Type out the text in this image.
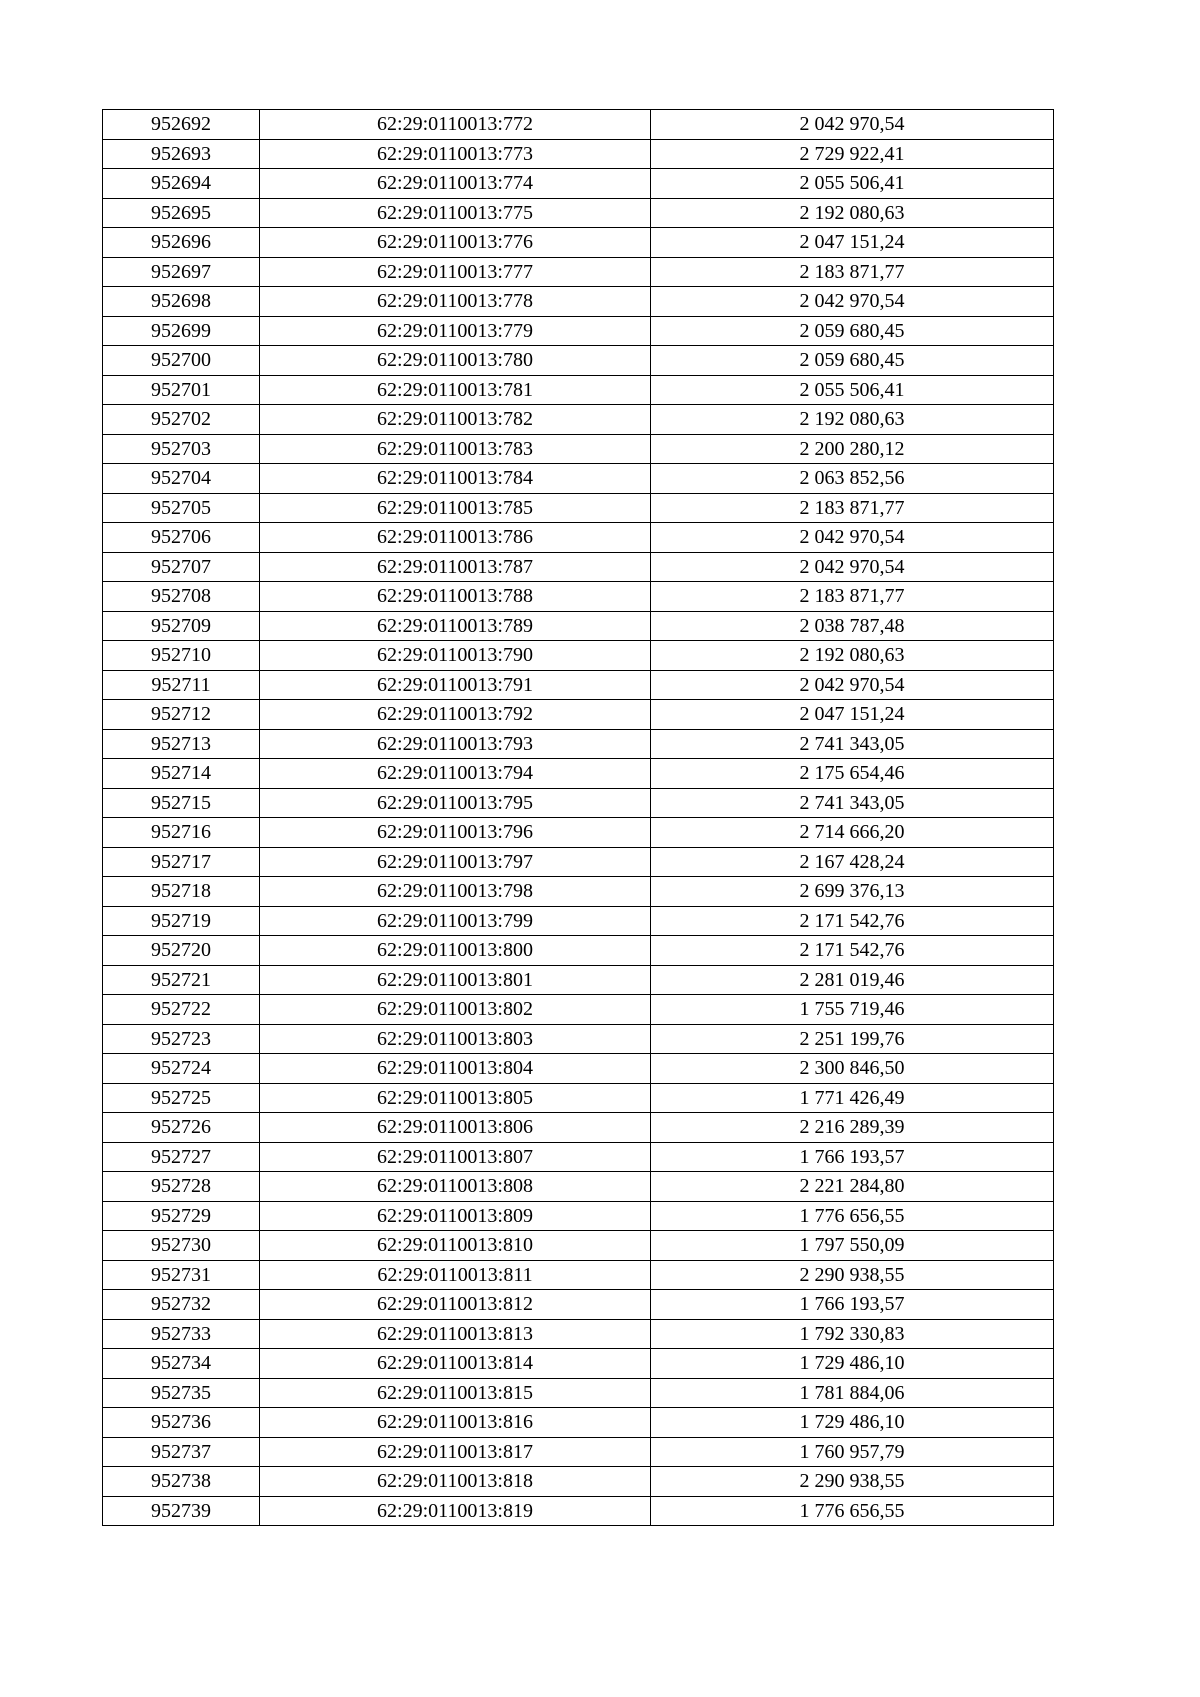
952692	62:29:0110013:772	2 042 970,54
952693	62:29:0110013:773	2 729 922,41
952694	62:29:0110013:774	2 055 506,41
952695	62:29:0110013:775	2 192 080,63
952696	62:29:0110013:776	2 047 151,24
952697	62:29:0110013:777	2 183 871,77
952698	62:29:0110013:778	2 042 970,54
952699	62:29:0110013:779	2 059 680,45
952700	62:29:0110013:780	2 059 680,45
952701	62:29:0110013:781	2 055 506,41
952702	62:29:0110013:782	2 192 080,63
952703	62:29:0110013:783	2 200 280,12
952704	62:29:0110013:784	2 063 852,56
952705	62:29:0110013:785	2 183 871,77
952706	62:29:0110013:786	2 042 970,54
952707	62:29:0110013:787	2 042 970,54
952708	62:29:0110013:788	2 183 871,77
952709	62:29:0110013:789	2 038 787,48
952710	62:29:0110013:790	2 192 080,63
952711	62:29:0110013:791	2 042 970,54
952712	62:29:0110013:792	2 047 151,24
952713	62:29:0110013:793	2 741 343,05
952714	62:29:0110013:794	2 175 654,46
952715	62:29:0110013:795	2 741 343,05
952716	62:29:0110013:796	2 714 666,20
952717	62:29:0110013:797	2 167 428,24
952718	62:29:0110013:798	2 699 376,13
952719	62:29:0110013:799	2 171 542,76
952720	62:29:0110013:800	2 171 542,76
952721	62:29:0110013:801	2 281 019,46
952722	62:29:0110013:802	1 755 719,46
952723	62:29:0110013:803	2 251 199,76
952724	62:29:0110013:804	2 300 846,50
952725	62:29:0110013:805	1 771 426,49
952726	62:29:0110013:806	2 216 289,39
952727	62:29:0110013:807	1 766 193,57
952728	62:29:0110013:808	2 221 284,80
952729	62:29:0110013:809	1 776 656,55
952730	62:29:0110013:810	1 797 550,09
952731	62:29:0110013:811	2 290 938,55
952732	62:29:0110013:812	1 766 193,57
952733	62:29:0110013:813	1 792 330,83
952734	62:29:0110013:814	1 729 486,10
952735	62:29:0110013:815	1 781 884,06
952736	62:29:0110013:816	1 729 486,10
952737	62:29:0110013:817	1 760 957,79
952738	62:29:0110013:818	2 290 938,55
952739	62:29:0110013:819	1 776 656,55
